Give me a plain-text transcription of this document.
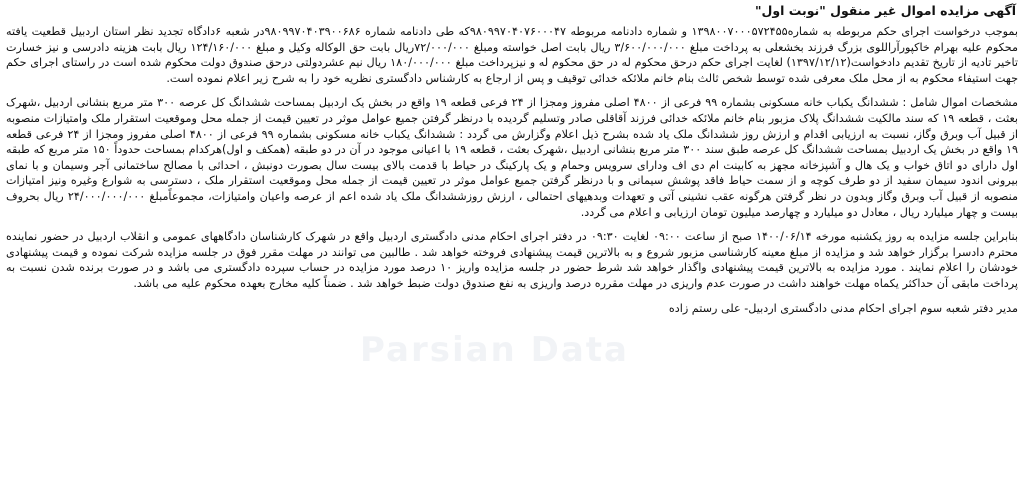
آگهی مزایده اموال غیر منقول "نوبت اول"
بموجب درخواست اجرای حکم مربوطه به شماره۱۳۹۸۰۰۷۰۰۰۵۷۲۴۵۵ و شماره دادنامه مربوطه ۹۸۰۹۹۷۰۴۰۷۶۰۰۰۴۷که طی دادنامه شماره ۹۸۰۹۹۷۰۴۰۳۹۰۰۶۸۶در شعبه ۶دادگاه تجدید نظر استان اردبیل قطعیت یافته محکوم علیه بهرام خاکپورآراللوی بزرگ فرزند بخشعلی به پرداخت مبلغ ۳/۶۰۰/۰۰۰/۰۰۰ ریال بابت اصل خواسته ومبلغ ۷۲/۰۰۰/۰۰۰ریال بابت حق الوکاله وکیل و مبلغ ۱۲۴/۱۶۰/۰۰۰ ریال بابت هزینه دادرسی و نیز خسارت تاخیر تادیه از تاریخ تقدیم دادخواست(۱۳۹۷/۱۲/۱۲) لغایت اجرای حکم درحق محکوم له در حق محکوم له و نیزپرداخت مبلغ ۱۸۰/۰۰۰/۰۰۰ ریال نیم عشردولتی درحق صندوق دولت محکوم شده است در راستای اجرای حکم جهت استیفاء محکوم به از محل ملک معرفی شده توسط شخص ثالث بنام خانم ملائکه خدائی توقیف و پس از ارجاع به کارشناس دادگستری نظریه خود را به شرح زیر اعلام نموده است.
مشخصات اموال شامل : ششدانگ یکباب خانه مسکونی بشماره ۹۹ فرعی از ۴۸۰۰ اصلی مفروز ومجزا از ۲۴ فرعی قطعه ۱۹ واقع در بخش یک اردبیل بمساحت ششدانگ کل عرصه ۳۰۰ متر مربع بنشانی اردبیل ،شهرک بعثت ، قطعه ۱۹ که سند مالکیت ششدانگ پلاک مزبور بنام خانم ملائکه خدائی فرزند آقاقلی صادر وتسلیم گردیده با درنظر گرفتن جمیع عوامل موثر در تعیین قیمت از جمله محل وموقعیت استقرار ملک وامتیازات منصوبه از قبیل آب وبرق وگاز، نسبت به ارزیابی اقدام و ارزش روز ششدانگ ملک یاد شده بشرح ذیل اعلام وگزارش می گردد : ششدانگ یکباب خانه مسکونی بشماره ۹۹ فرعی از ۴۸۰۰ اصلی مفروز ومجزا از ۲۴ فرعی قطعه ۱۹ واقع در بخش یک اردبیل بمساحت ششدانگ کل عرصه طبق سند ۳۰۰ متر مربع بنشانی اردبیل ،شهرک بعثت ، قطعه ۱۹ با اعیانی موجود در آن در دو طبقه (همکف و اول)هرکدام بمساحت حدوداً ۱۵۰ متر مربع که طبقه اول دارای دو اتاق خواب و یک هال و آشپزخانه مجهز به کابینت ام دی اف ودارای سرویس وحمام و یک پارکینگ در حیاط با قدمت بالای بیست سال بصورت دونبش ، احداثی با مصالح ساختمانی آجر وسیمان و با نمای بیرونی اندود سیمان سفید از دو طرف کوچه و از سمت حیاط فاقد پوشش سیمانی و با درنظر گرفتن جمیع عوامل موثر در تعیین قیمت از جمله محل وموقعیت استقرار ملک ، دسترسی به شوارع وغیره ونیز امتیازات منصوبه از قبیل آب وبرق وگاز وبدون در نظر گرفتن هرگونه عقب نشینی آتی و تعهدات وبدهیهای احتمالی ، ارزش روزششدانگ ملک یاد شده اعم از عرصه واعیان وامتیازات، مجموعاًمبلغ ۲۴/۰۰۰/۰۰۰/۰۰۰ ریال بحروف بیست و چهار میلیارد ریال ، معادل دو میلیارد و چهارصد میلیون تومان ارزیابی و اعلام می گردد.
بنابراین جلسه مزایده به روز یکشنبه مورخه ۱۴۰۰/۰۶/۱۴ صبح از ساعت ۰۹:۰۰ لغایت ۰۹:۳۰ در دفتر اجرای احکام مدنی دادگستری اردبیل واقع در شهرک کارشناسان دادگاههای عمومی و انقلاب اردبیل در حضور نماینده محترم دادسرا برگزار خواهد شد و مزایده از مبلغ معینه کارشناسی مزبور شروع و به بالاترین قیمت پیشنهادی فروخته خواهد شد . طالبین می توانند در مهلت مقرر فوق در جلسه مزایده شرکت نموده و قیمت پیشنهادی خودشان را اعلام نمایند . مورد مزایده به بالاترین قیمت پیشنهادی واگذار خواهد شد شرط حضور در جلسه مزایده واریز ۱۰ درصد مورد مزایده در حساب سپرده دادگستری می باشد و در صورت برنده شدن نسبت به پرداخت مابقی آن حداکثر یکماه مهلت خواهند داشت در صورت عدم واریزی در مهلت مقرره درصد واریزی به نفع صندوق دولت ضبط خواهد شد . ضمناً کلیه مخارج بعهده محکوم علیه می باشد.
مدیر دفتر شعبه سوم اجرای احکام مدنی دادگستری اردبیل- علی رستم زاده
Parsian Data
